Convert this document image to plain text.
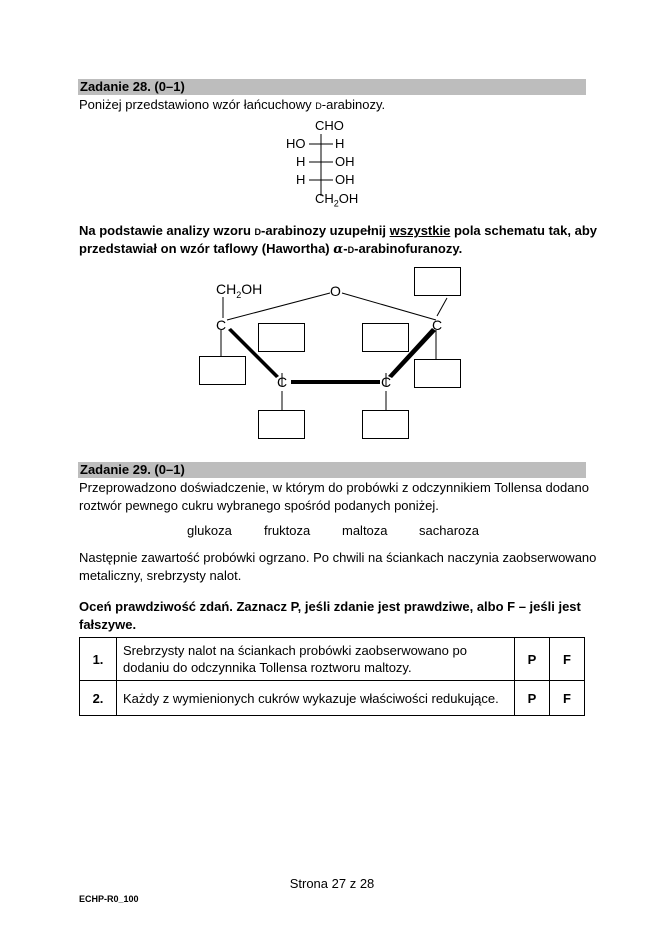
Zadanie 28. (0–1)
Poniżej przedstawiono wzór łańcuchowy d-arabinozy.
CHO
HO H
H OH
H OH
$CH_2OH$
Na podstawie analizy wzoru d-arabinozy uzupełnij wszystkie pola schematu tak, aby
przedstawiał on wzór taflowy (Hawortha) α-d-arabinofuranozy.
$CH_2OH$	O
C	C
C	C
Zadanie 29. (0–1)
Przeprowadzono doświadczenie, w którym do probówki z odczynnikiem Tollensa dodano
roztwór pewnego cukru wybranego spośród podanych poniżej.
glukoza fruktoza maltoza sacharoza
Następnie zawartość probówki ogrzano. Po chwili na ściankach naczynia zaobserwowano
metaliczny, srebrzysty nalot.
Oceń prawdziwość zdań. Zaznacz P, jeśli zdanie jest prawdziwe, albo F – jeśli jest
fałszywe.
1.	Srebrzysty nalot na ściankach probówki zaobserwowano po dodaniu do odczynnika Tollensa roztworu maltozy.	P	F
2.	Każdy z wymienionych cukrów wykazuje właściwości redukujące.	P	F
Strona 27 z 28
ECHP-R0_100
